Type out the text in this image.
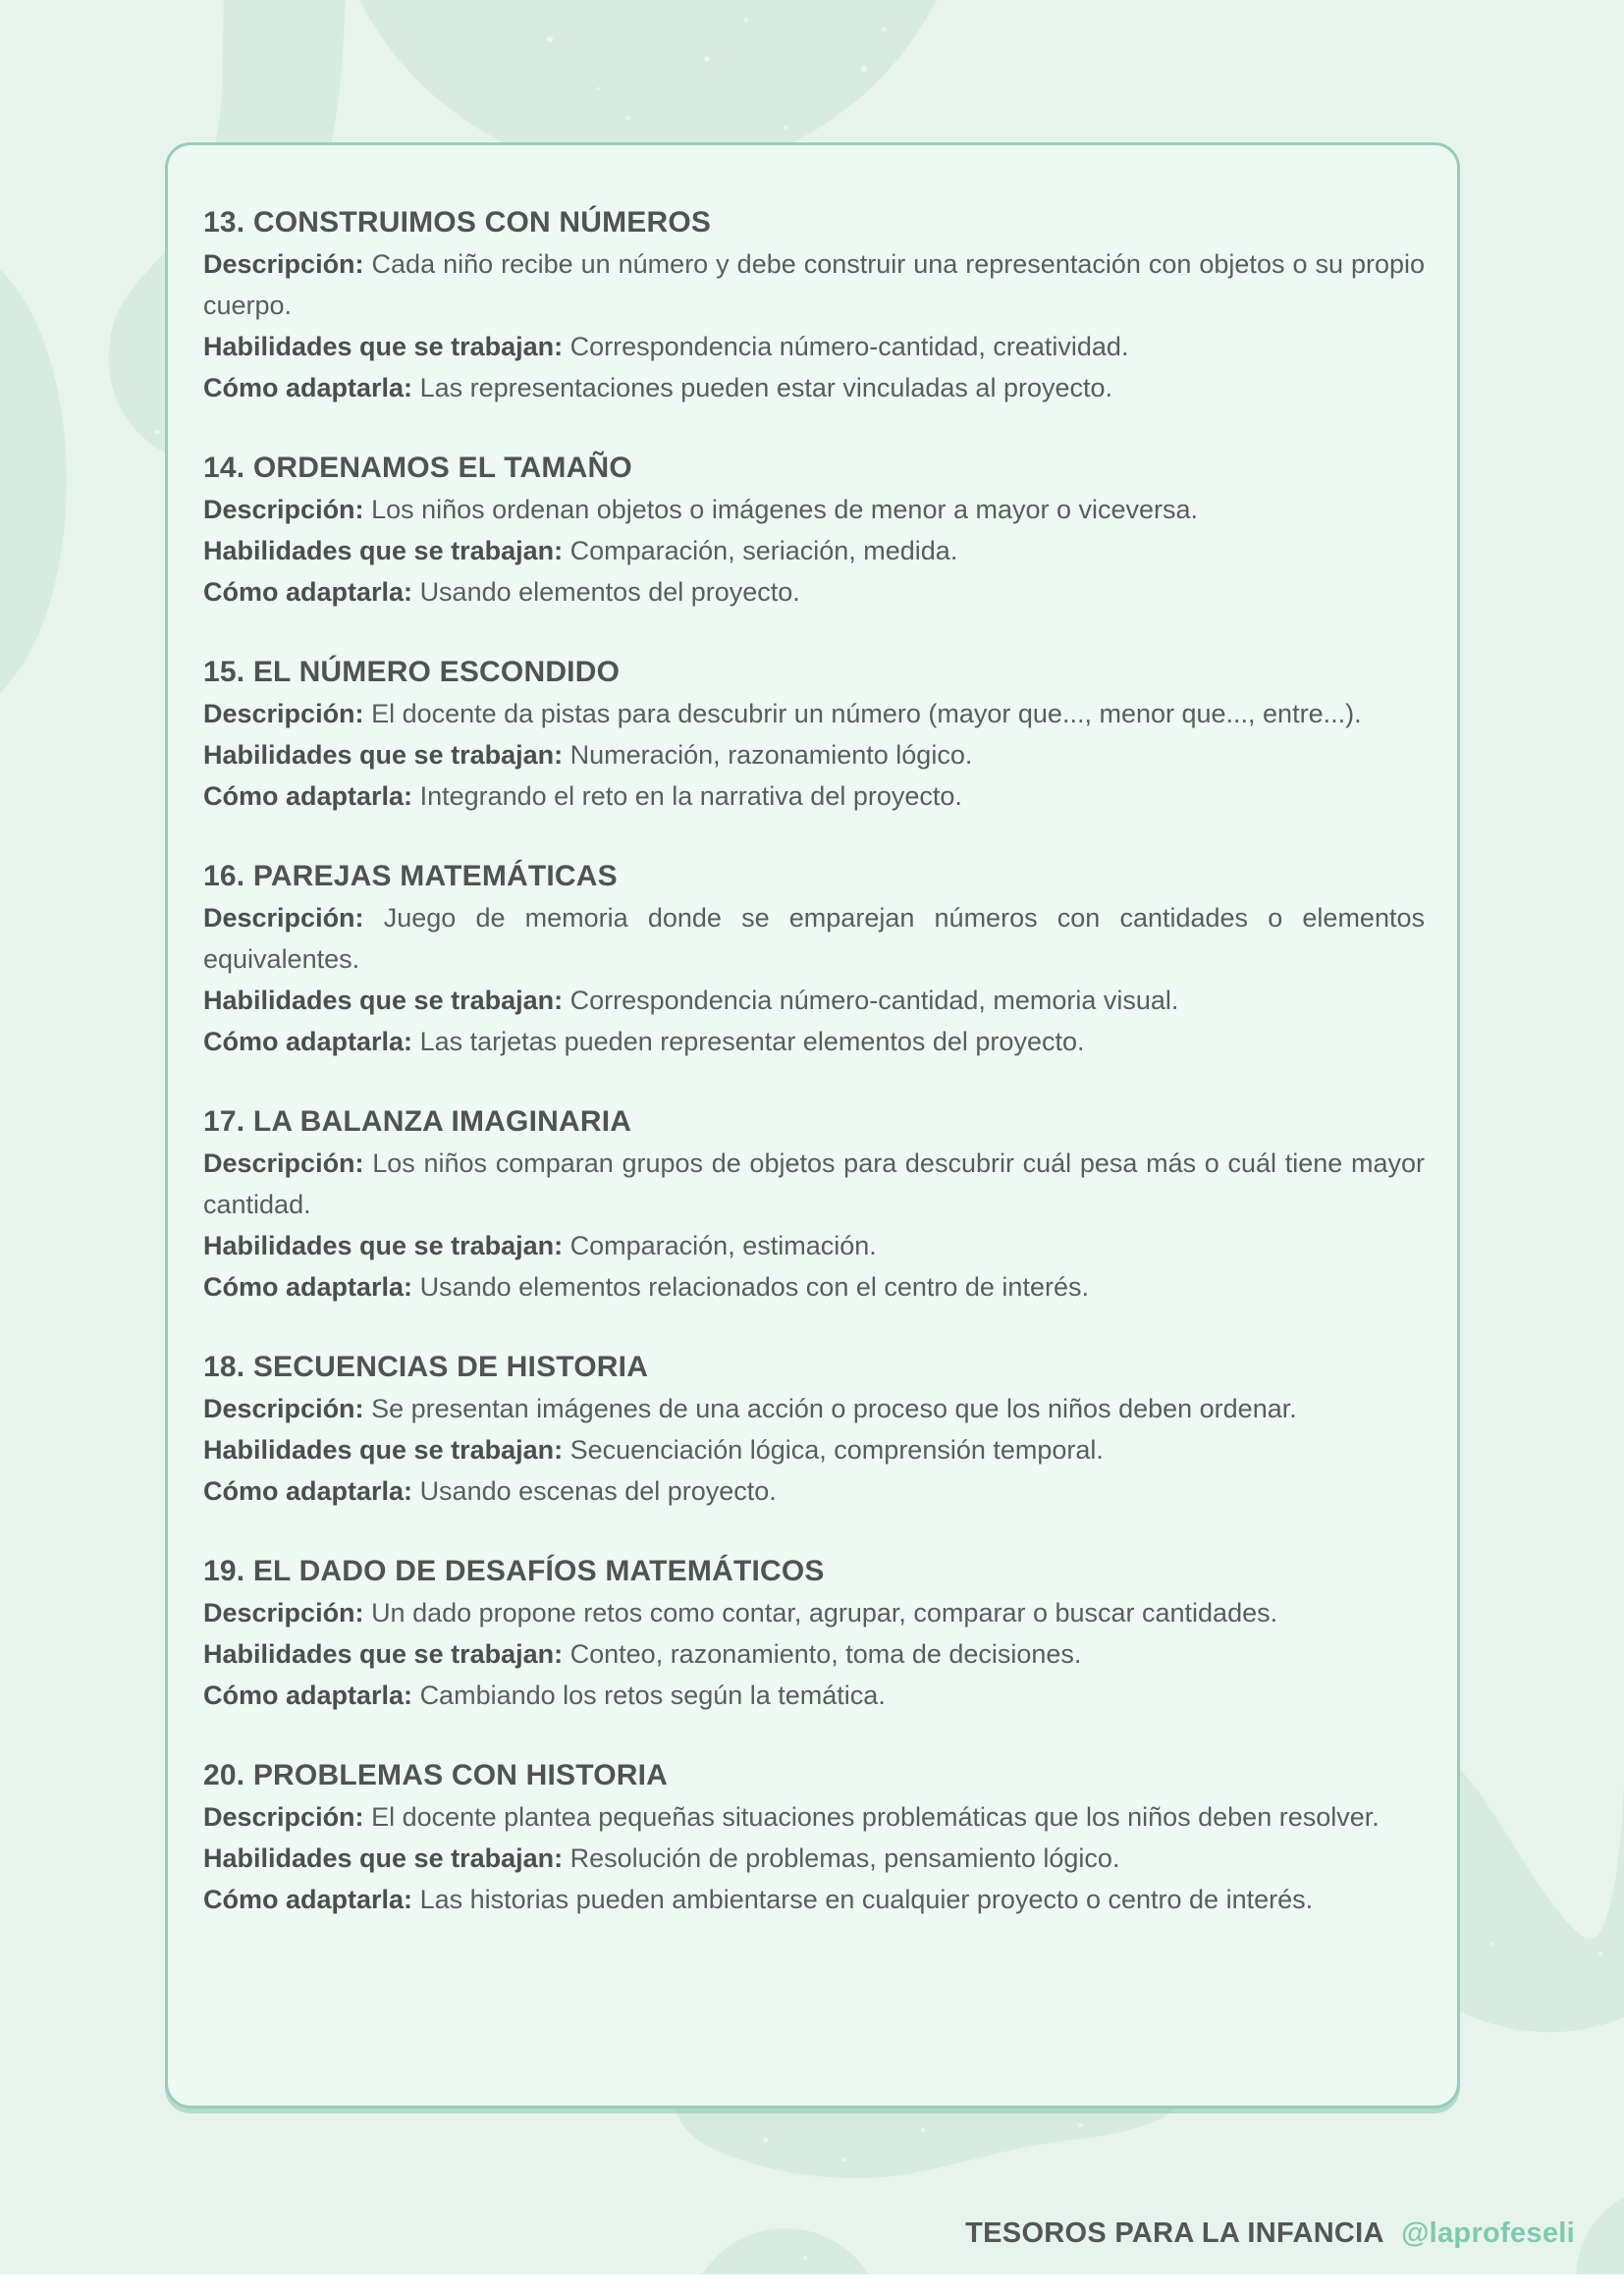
13. CONSTRUIMOS CON NÚMEROS

Descripción: Cada niño recibe un número y debe construir una representación con objetos o su propio cuerpo.

Habilidades que se trabajan: Correspondencia número-cantidad, creatividad.

Cómo adaptarla: Las representaciones pueden estar vinculadas al proyecto.

14. ORDENAMOS EL TAMAÑO

Descripción: Los niños ordenan objetos o imágenes de menor a mayor o viceversa.

Habilidades que se trabajan: Comparación, seriación, medida.

Cómo adaptarla: Usando elementos del proyecto.

15. EL NÚMERO ESCONDIDO

Descripción: El docente da pistas para descubrir un número (mayor que..., menor que..., entre...).

Habilidades que se trabajan: Numeración, razonamiento lógico.

Cómo adaptarla: Integrando el reto en la narrativa del proyecto.

16. PAREJAS MATEMÁTICAS

Descripción: Juego de memoria donde se emparejan números con cantidades o elementos equivalentes.

Habilidades que se trabajan: Correspondencia número-cantidad, memoria visual.

Cómo adaptarla: Las tarjetas pueden representar elementos del proyecto.

17. LA BALANZA IMAGINARIA

Descripción: Los niños comparan grupos de objetos para descubrir cuál pesa más o cuál tiene mayor cantidad.

Habilidades que se trabajan: Comparación, estimación.

Cómo adaptarla: Usando elementos relacionados con el centro de interés.

18. SECUENCIAS DE HISTORIA

Descripción: Se presentan imágenes de una acción o proceso que los niños deben ordenar.

Habilidades que se trabajan: Secuenciación lógica, comprensión temporal.

Cómo adaptarla: Usando escenas del proyecto.

19. EL DADO DE DESAFÍOS MATEMÁTICOS

Descripción: Un dado propone retos como contar, agrupar, comparar o buscar cantidades.

Habilidades que se trabajan: Conteo, razonamiento, toma de decisiones.

Cómo adaptarla: Cambiando los retos según la temática.

20. PROBLEMAS CON HISTORIA

Descripción: El docente plantea pequeñas situaciones problemáticas que los niños deben resolver.

Habilidades que se trabajan: Resolución de problemas, pensamiento lógico.

Cómo adaptarla: Las historias pueden ambientarse en cualquier proyecto o centro de interés.

TESOROS PARA LA INFANCIA @laprofeseli
